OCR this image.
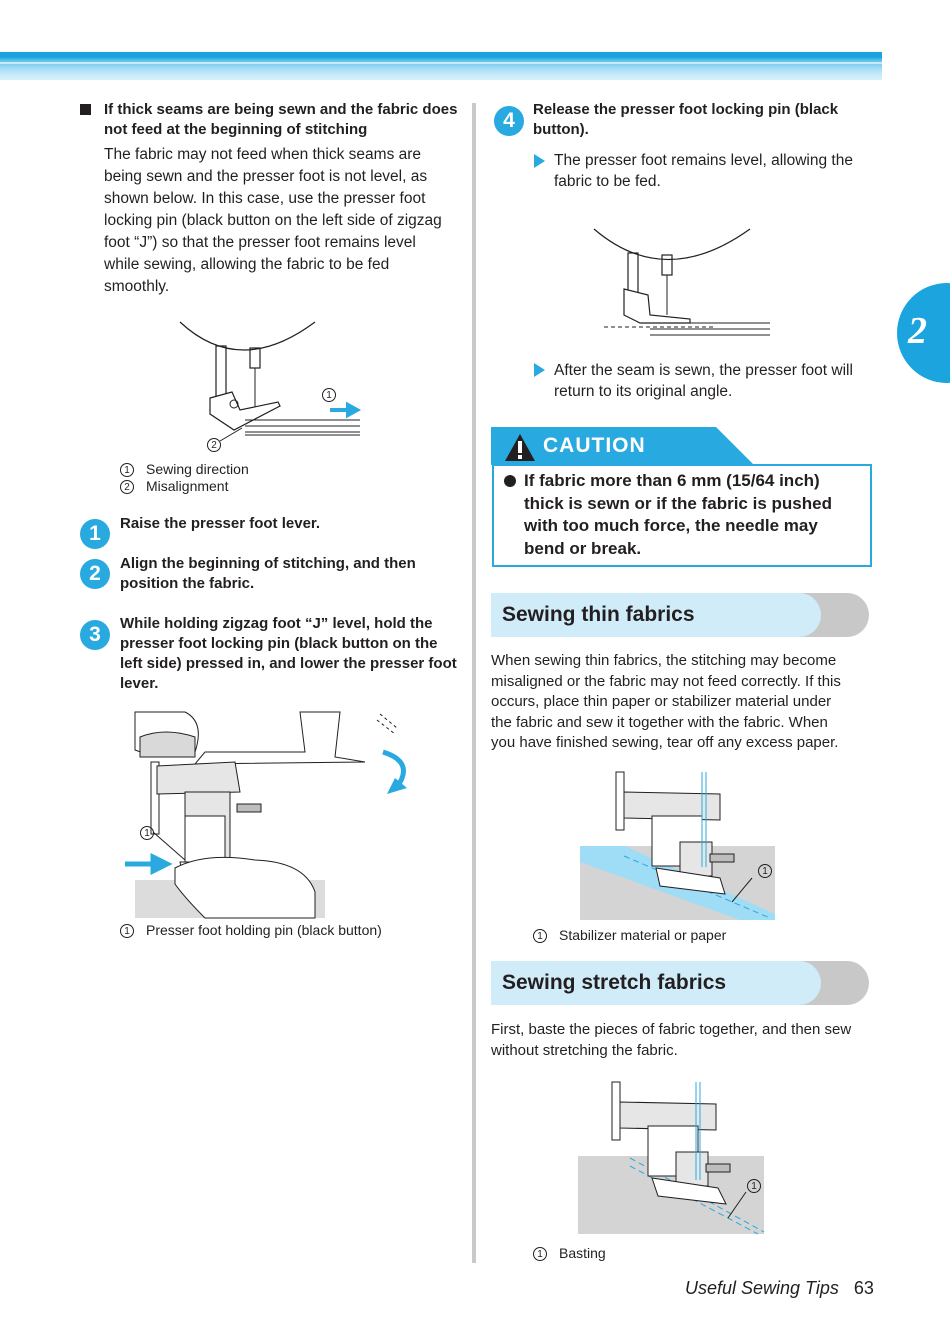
2
If thick seams are being sewn and the fabric does not feed at the beginning of stitching
The fabric may not feed when thick seams are
being sewn and the presser foot is not level, as
shown below. In this case, use the presser foot
locking pin (black button on the left side of zigzag
foot “J”) so that the presser foot remains level
while sewing, allowing the fabric to be fed
smoothly.
1
2
1	Sewing direction
2	Misalignment
1	Raise the presser foot lever.
2	Align the beginning of stitching, and then
position the fabric.
3	While holding zigzag foot “J” level, hold the
presser foot locking pin (black button on the
left side) pressed in, and lower the presser foot
lever.
1
1	Presser foot holding pin (black button)
4	Release the presser foot locking pin (black
button).
The presser foot remains level, allowing the
fabric to be fed.
After the seam is sewn, the presser foot will
return to its original angle.
CAUTION
If fabric more than 6 mm (15/64 inch)
thick is sewn or if the fabric is pushed
with too much force, the needle may
bend or break.
Sewing thin fabrics
When sewing thin fabrics, the stitching may become
misaligned or the fabric may not feed correctly. If this
occurs, place thin paper or stabilizer material under
the fabric and sew it together with the fabric. When
you have finished sewing, tear off any excess paper.
1
1	Stabilizer material or paper
Sewing stretch fabrics
First, baste the pieces of fabric together, and then sew
without stretching the fabric.
1
1	Basting
Useful Sewing Tips 63
